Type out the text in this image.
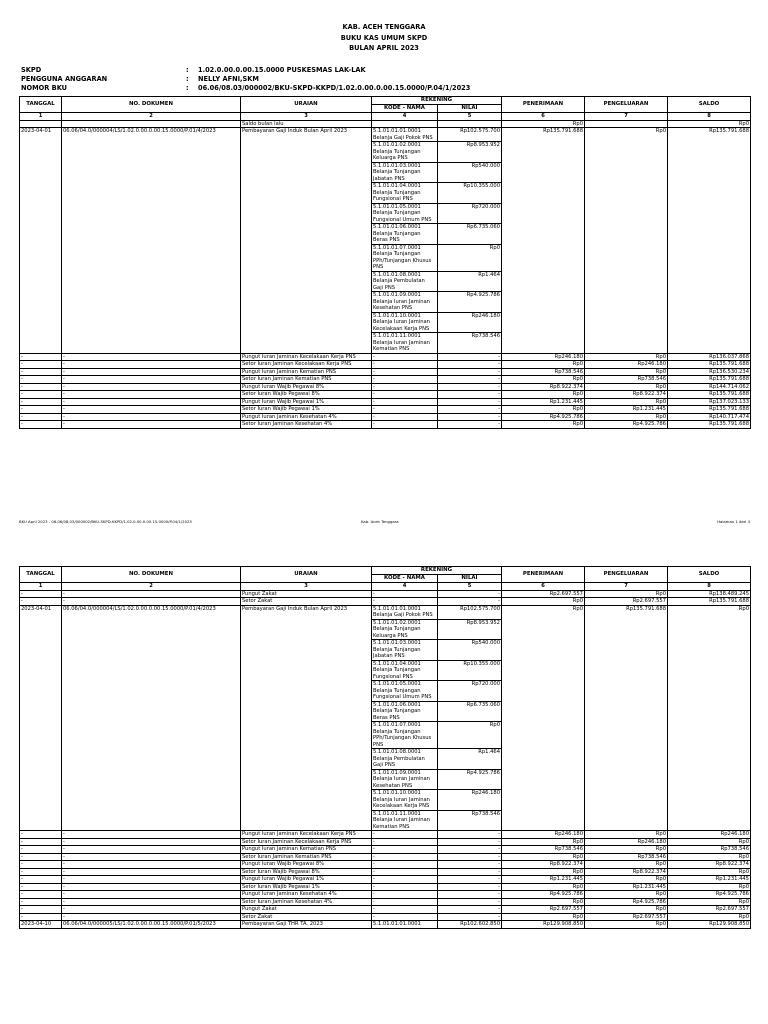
KAB. ACEH TENGGARA
BUKU KAS UMUM SKPD
BULAN APRIL 2023
SKPD	:	1.02.0.00.0.00.15.0000 PUSKESMAS LAK-LAK
PENGGUNA ANGGARAN	:	NELLY AFNI,SKM
NOMOR BKU	:	06.06/08.03/000002/BKU-SKPD-KKPD/1.02.0.00.0.00.15.0000/P.04/1/2023
TANGGAL	NO. DOKUMEN	URAIAN	REKENING		PENERIMAAN	PENGELUARAN	SALDO
			KODE - NAMA	NILAI			
1	2	3	4	5	6	7	8
		Saldo bulan lalu			Rp0		Rp0
2023-04-01	06.06/04.0/000004/LS/1.02.0.00.0.00.15.0000/P.01/4/2023	Pembayaran Gaji Induk Bulan April 2023	5.1.01.01.01.0001
Belanja Gaji Pokok PNS	Rp102.575.700	Rp135.791.688	Rp0	Rp135.791.688

			5.1.01.01.02.0001
Belanja Tunjangan Keluarga PNS	Rp8.953.952			

			5.1.01.01.03.0001
Belanja Tunjangan Jabatan PNS	Rp540.000			

			5.1.01.01.04.0001
Belanja Tunjangan Fungsional PNS	Rp10.355.000			

			5.1.01.01.05.0001
Belanja Tunjangan Fungsional Umum PNS	Rp720.000			

			5.1.01.01.06.0001
Belanja Tunjangan Beras PNS	Rp6.735.060			

			5.1.01.01.07.0001
Belanja Tunjangan PPh/Tunjangan Khusus PNS	Rp0			

			5.1.01.01.08.0001
Belanja Pembulatan Gaji PNS	Rp1.464			

			5.1.01.01.09.0001
Belanja Iuran Jaminan Kesehatan PNS	Rp4.925.786			

			5.1.01.01.10.0001
Belanja Iuran Jaminan Kecelakaan Kerja PNS	Rp246.180			

			5.1.01.01.11.0001
Belanja Iuran Jaminan Kematian PNS	Rp738.546			
-	-	Pungut Iuran Jaminan Kecelakaan Kerja PNS	-	-	Rp246.180	Rp0	Rp136.037.868
-	-	Setor Iuran Jaminan Kecelakaan Kerja PNS	-	-	Rp0	Rp246.180	Rp135.791.688
-	-	Pungut Iuran Jaminan Kematian PNS	-	-	Rp738.546	Rp0	Rp136.530.234
-	-	Setor Iuran Jaminan Kematian PNS	-	-	Rp0	Rp738.546	Rp135.791.688
-	-	Pungut Iuran Wajib Pegawai 8%	-	-	Rp8.922.374	Rp0	Rp144.714.062
-	-	Setor Iuran Wajib Pegawai 8%	-	-	Rp0	Rp8.922.374	Rp135.791.688
-	-	Pungut Iuran Wajib Pegawai 1%	-	-	Rp1.231.445	Rp0	Rp137.023.133
-	-	Setor Iuran Wajib Pegawai 1%	-	-	Rp0	Rp1.231.445	Rp135.791.688
-	-	Pungut Iuran Jaminan Kesehatan 4%	-	-	Rp4.925.786	Rp0	Rp140.717.474
-	-	Setor Iuran Jaminan Kesehatan 4%	-	-	Rp0	Rp4.925.786	Rp135.791.688
BKU April 2023 - 06.06/08.03/000002/BKU-SKPD-KKPD/1.02.0.00.0.00.15.0000/P.04/1/2023	Kab. Aceh Tenggara	Halaman 1 dari 4
TANGGAL	NO. DOKUMEN	URAIAN	REKENING		PENERIMAAN	PENGELUARAN	SALDO
			KODE - NAMA	NILAI			
1	2	3	4	5	6	7	8
-	-	Pungut Zakat	-	-	Rp2.697.557	Rp0	Rp138.489.245
-	-	Setor Zakat	-	-	Rp0	Rp2.697.557	Rp135.791.688
2023-04-01	06.06/04.0/000004/LS/1.02.0.00.0.00.15.0000/P.01/4/2023	Pembayaran Gaji Induk Bulan April 2023	5.1.01.01.01.0001
Belanja Gaji Pokok PNS	Rp102.575.700	Rp0	Rp135.791.688	Rp0

			5.1.01.01.02.0001
Belanja Tunjangan Keluarga PNS	Rp8.953.952			

			5.1.01.01.03.0001
Belanja Tunjangan Jabatan PNS	Rp540.000			

			5.1.01.01.04.0001
Belanja Tunjangan Fungsional PNS	Rp10.355.000			

			5.1.01.01.05.0001
Belanja Tunjangan Fungsional Umum PNS	Rp720.000			

			5.1.01.01.06.0001
Belanja Tunjangan Beras PNS	Rp6.735.060			

			5.1.01.01.07.0001
Belanja Tunjangan PPh/Tunjangan Khusus PNS	Rp0			

			5.1.01.01.08.0001
Belanja Pembulatan Gaji PNS	Rp1.464			

			5.1.01.01.09.0001
Belanja Iuran Jaminan Kesehatan PNS	Rp4.925.786			

			5.1.01.01.10.0001
Belanja Iuran Jaminan Kecelakaan Kerja PNS	Rp246.180			

			5.1.01.01.11.0001
Belanja Iuran Jaminan Kematian PNS	Rp738.546			
-	-	Pungut Iuran Jaminan Kecelakaan Kerja PNS	-	-	Rp246.180	Rp0	Rp246.180
-	-	Setor Iuran Jaminan Kecelakaan Kerja PNS	-	-	Rp0	Rp246.180	Rp0
-	-	Pungut Iuran Jaminan Kematian PNS	-	-	Rp738.546	Rp0	Rp738.546
-	-	Setor Iuran Jaminan Kematian PNS	-	-	Rp0	Rp738.546	Rp0
-	-	Pungut Iuran Wajib Pegawai 8%	-	-	Rp8.922.374	Rp0	Rp8.922.374
-	-	Setor Iuran Wajib Pegawai 8%	-	-	Rp0	Rp8.922.374	Rp0
-	-	Pungut Iuran Wajib Pegawai 1%	-	-	Rp1.231.445	Rp0	Rp1.231.445
-	-	Setor Iuran Wajib Pegawai 1%	-	-	Rp0	Rp1.231.445	Rp0
-	-	Pungut Iuran Jaminan Kesehatan 4%	-	-	Rp4.925.786	Rp0	Rp4.925.786
-	-	Setor Iuran Jaminan Kesehatan 4%	-	-	Rp0	Rp4.925.786	Rp0
-	-	Pungut Zakat	-	-	Rp2.697.557	Rp0	Rp2.697.557
-	-	Setor Zakat	-	-	Rp0	Rp2.697.557	Rp0
2023-04-10	06.06/04.0/000005/LS/1.02.0.00.0.00.15.0000/P.01/5/2023	Pembayaran Gaji THR TA. 2023	5.1.01.01.01.0001	Rp102.602.850	Rp129.908.850	Rp0	Rp129.908.850
